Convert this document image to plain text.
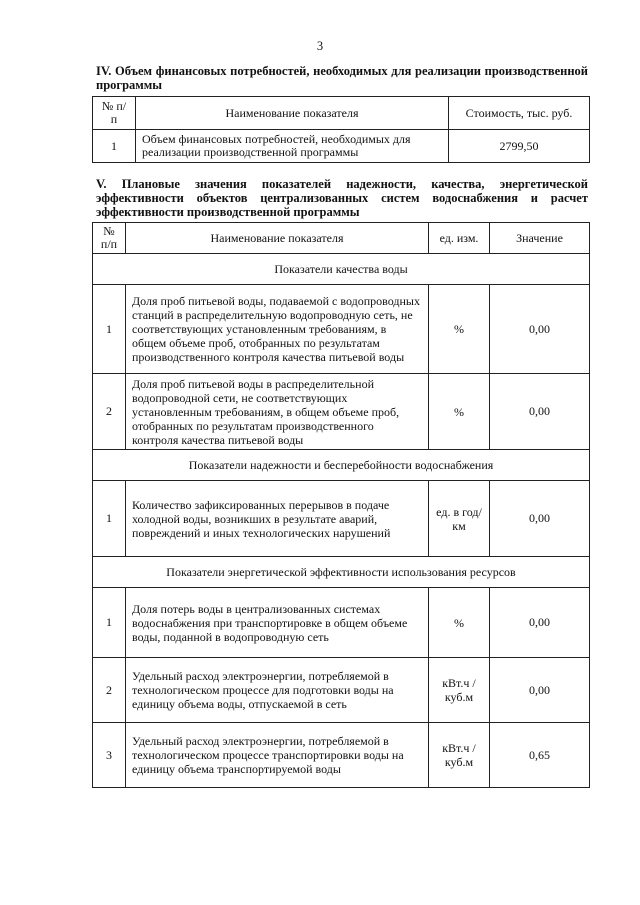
3
IV. Объем финансовых потребностей, необходимых для реализации производственной программы
№ п/п	Наименование показателя	Стоимость, тыс. руб.
1	Объем финансовых потребностей, необходимых для реализации производственной программы	2799,50
V. Плановые значения показателей надежности, качества, энергетической эффективности объектов централизованных систем водоснабжения и расчет эффективности производственной программы
№ п/п	Наименование показателя	ед. изм.	Значение
Показатели качества воды			
1	Доля проб питьевой воды, подаваемой с водопроводных станций в распределительную водопроводную сеть, не соответствующих установленным требованиям, в общем объеме проб, отобранных по результатам производственного контроля качества питьевой воды	%	0,00
2	Доля проб питьевой воды в распределительной водопроводной сети, не соответствующих установленным требованиям, в общем объеме проб, отобранных по результатам производственного контроля качества питьевой воды	%	0,00
Показатели надежности и бесперебойности водоснабжения			
1	Количество зафиксированных перерывов в подаче холодной воды, возникших в результате аварий, повреждений и иных технологических нарушений	ед. в год/ км	0,00
Показатели энергетической эффективности использования ресурсов			
1	Доля потерь воды в централизованных системах водоснабжения при транспортировке в общем объеме воды, поданной в водопроводную сеть	%	0,00
2	Удельный расход электроэнергии, потребляемой в технологическом процессе для подготовки воды на единицу объема воды, отпускаемой в сеть	кВт.ч / куб.м	0,00
3	Удельный расход электроэнергии, потребляемой в технологическом процессе транспортировки воды на единицу объема транспортируемой воды	кВт.ч / куб.м	0,65
